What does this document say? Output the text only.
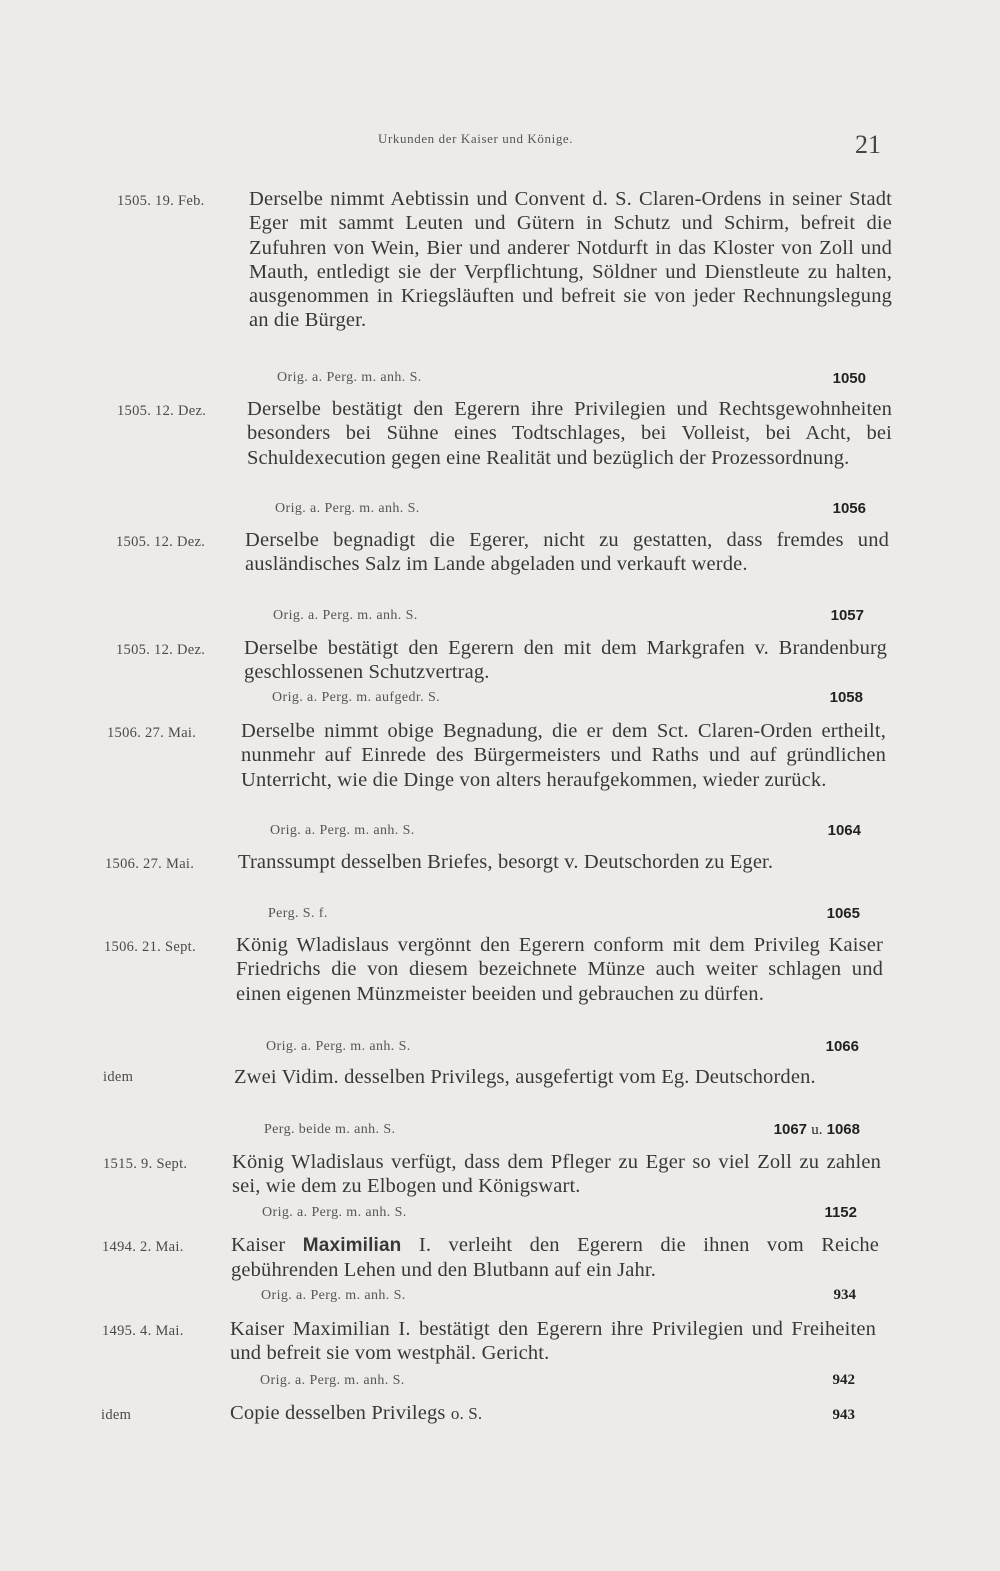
Urkunden der Kaiser und Könige.	21
1505. 19. Feb. Derselbe nimmt Aebtissin und Convent d. S. Claren-Ordens in seiner Stadt Eger mit sammt Leuten und Gütern in Schutz und Schirm, befreit die Zufuhren von Wein, Bier und anderer Notdurft in das Kloster von Zoll und Mauth, entledigt sie der Verpflichtung, Söldner und Dienstleute zu halten, ausgenommen in Kriegsläuften und befreit sie von jeder Rechnungslegung an die Bürger.
Orig. a. Perg. m. anh. S.	1050
1505. 12. Dez. Derselbe bestätigt den Egerern ihre Privilegien und Rechtsgewohnheiten besonders bei Sühne eines Todtschlages, bei Volleist, bei Acht, bei Schuldexecution gegen eine Realität und bezüglich der Prozessordnung.
Orig. a. Perg. m. anh. S.	1056
1505. 12. Dez. Derselbe begnadigt die Egerer, nicht zu gestatten, dass fremdes und ausländisches Salz im Lande abgeladen und verkauft werde.
Orig. a. Perg. m. anh. S.	1057
1505. 12. Dez. Derselbe bestätigt den Egerern den mit dem Markgrafen v. Brandenburg geschlossenen Schutzvertrag.
Orig. a. Perg. m. aufgedr. S.	1058
1506. 27. Mai. Derselbe nimmt obige Begnadung, die er dem Sct. Claren-Orden ertheilt, nunmehr auf Einrede des Bürgermeisters und Raths und auf gründlichen Unterricht, wie die Dinge von alters heraufgekommen, wieder zurück.
Orig. a. Perg. m. anh. S.	1064
1506. 27. Mai. Transsumpt desselben Briefes, besorgt v. Deutschorden zu Eger.
Perg. S. f.	1065
1506. 21. Sept. König Wladislaus vergönnt den Egerern conform mit dem Privileg Kaiser Friedrichs die von diesem bezeichnete Münze auch weiter schlagen und einen eigenen Münzmeister beeiden und gebrauchen zu dürfen.
Orig. a. Perg. m. anh. S.	1066
idem	Zwei Vidim. desselben Privilegs, ausgefertigt vom Eg. Deutschorden.
Perg. beide m. anh. S.	1067 u. 1068
1515. 9. Sept. König Wladislaus verfügt, dass dem Pfleger zu Eger so viel Zoll zu zahlen sei, wie dem zu Elbogen und Königswart.
Orig. a. Perg. m. anh. S.	1152
1494. 2. Mai. Kaiser Maximilian I. verleiht den Egerern die ihnen vom Reiche gebührenden Lehen und den Blutbann auf ein Jahr.
Orig. a. Perg. m. anh. S.	934
1495. 4. Mai. Kaiser Maximilian I. bestätigt den Egerern ihre Privilegien und Freiheiten und befreit sie vom westphäl. Gericht.
Orig. a. Perg. m. anh. S.	942
idem	Copie desselben Privilegs o. S.	943
